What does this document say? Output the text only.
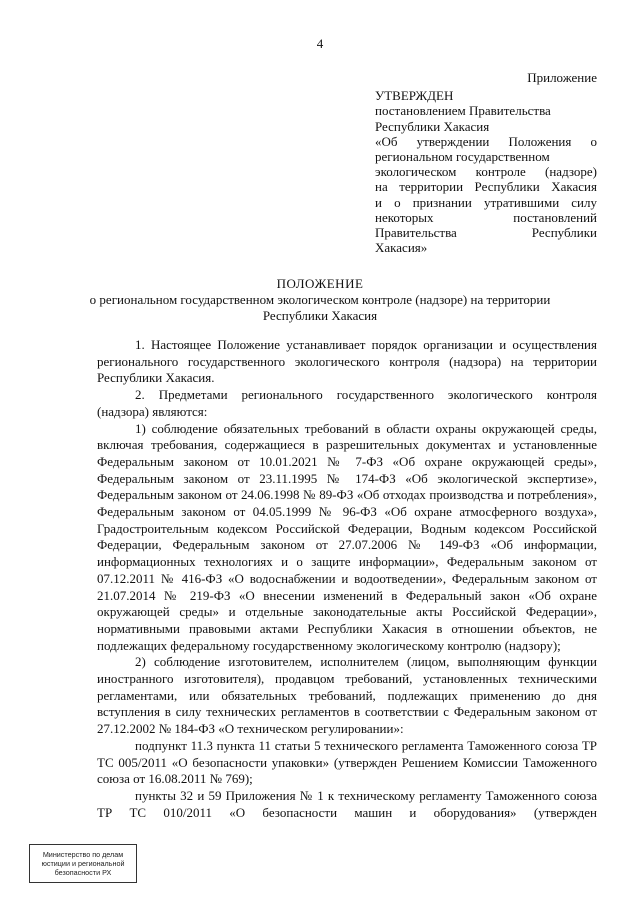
4
Приложение
УТВЕРЖДЕН
постановлением Правительства
Республики Хакасия
«Об утверждении Положения о
региональном государственном
экологическом контроле (надзоре)
на территории Республики Хакасия
и о признании утратившими силу
некоторых постановлений
Правительства Республики
Хакасия»
ПОЛОЖЕНИЕ
о региональном государственном экологическом контроле (надзоре) на территории Республики Хакасия

1. Настоящее Положение устанавливает порядок организации и осуществления регионального государственного экологического контроля (надзора) на территории Республики Хакасия.

2. Предметами регионального государственного экологического контроля (надзора) являются:

1) соблюдение обязательных требований в области охраны окружающей среды, включая требования, содержащиеся в разрешительных документах и установленные Федеральным законом от 10.01.2021 № 7-ФЗ «Об охране окружающей среды», Федеральным законом от 23.11.1995 № 174-ФЗ «Об экологической экспертизе», Федеральным законом от 24.06.1998 № 89-ФЗ «Об отходах производства и потребления», Федеральным законом от 04.05.1999 № 96-ФЗ «Об охране атмосферного воздуха», Градостроительным кодексом Российской Федерации, Водным кодексом Российской Федерации, Федеральным законом от 27.07.2006 № 149-ФЗ «Об информации, информационных технологиях и о защите информации», Федеральным законом от 07.12.2011 № 416-ФЗ «О водоснабжении и водоотведении», Федеральным законом от 21.07.2014 № 219-ФЗ «О внесении изменений в Федеральный закон «Об охране окружающей среды» и отдельные законодательные акты Российской Федерации», нормативными правовыми актами Республики Хакасия в отношении объектов, не подлежащих федеральному государственному экологическому контролю (надзору);

2) соблюдение изготовителем, исполнителем (лицом, выполняющим функции иностранного изготовителя), продавцом требований, установленных техническими регламентами, или обязательных требований, подлежащих применению до дня вступления в силу технических регламентов в соответствии с Федеральным законом от 27.12.2002 № 184-ФЗ «О техническом регулировании»:

подпункт 11.3 пункта 11 статьи 5 технического регламента Таможенного союза ТР ТС 005/2011 «О безопасности упаковки» (утвержден Решением Комиссии Таможенного союза от 16.08.2011 № 769);

пункты 32 и 59 Приложения № 1 к техническому регламенту Таможенного союза ТР ТС 010/2011 «О безопасности машин и оборудования» (утвержден

Министерство по делам
юстиции и региональной
безопасности РХ
